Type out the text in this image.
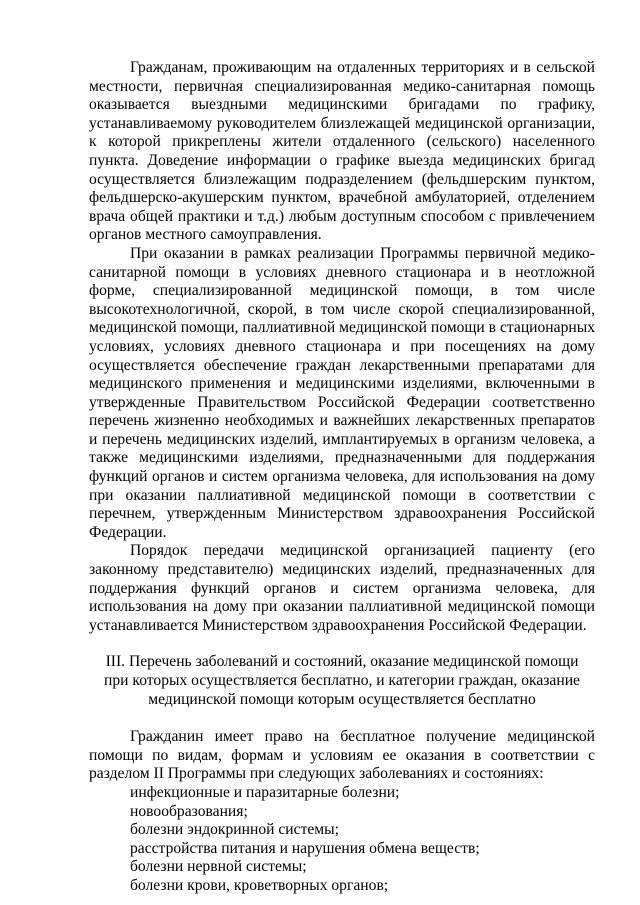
Гражданам, проживающим на отдаленных территориях и в сельской местности, первичная специализированная медико-санитарная помощь оказывается выездными медицинскими бригадами по графику, устанавливаемому руководителем близлежащей медицинской организации, к которой прикреплены жители отдаленного (сельского) населенного пункта. Доведение информации о графике выезда медицинских бригад осуществляется близлежащим подразделением (фельдшерским пунктом, фельдшерско-акушерским пунктом, врачебной амбулаторией, отделением врача общей практики и т.д.) любым доступным способом с привлечением органов местного самоуправления.

При оказании в рамках реализации Программы первичной медико-санитарной помощи в условиях дневного стационара и в неотложной форме, специализированной медицинской помощи, в том числе высокотехнологичной, скорой, в том числе скорой специализированной, медицинской помощи, паллиативной медицинской помощи в стационарных условиях, условиях дневного стационара и при посещениях на дому осуществляется обеспечение граждан лекарственными препаратами для медицинского применения и медицинскими изделиями, включенными в утвержденные Правительством Российской Федерации соответственно перечень жизненно необходимых и важнейших лекарственных препаратов и перечень медицинских изделий, имплантируемых в организм человека, а также медицинскими изделиями, предназначенными для поддержания функций органов и систем организма человека, для использования на дому при оказании паллиативной медицинской помощи в соответствии с перечнем, утвержденным Министерством здравоохранения Российской Федерации.

Порядок передачи медицинской организацией пациенту (его законному представителю) медицинских изделий, предназначенных для поддержания функций органов и систем организма человека, для использования на дому при оказании паллиативной медицинской помощи устанавливается Министерством здравоохранения Российской Федерации.

III. Перечень заболеваний и состояний, оказание медицинской помощи при которых осуществляется бесплатно, и категории граждан, оказание медицинской помощи которым осуществляется бесплатно

Гражданин имеет право на бесплатное получение медицинской помощи по видам, формам и условиям ее оказания в соответствии с разделом II Программы при следующих заболеваниях и состояниях:

инфекционные и паразитарные болезни;
новообразования;
болезни эндокринной системы;
расстройства питания и нарушения обмена веществ;
болезни нервной системы;
болезни крови, кроветворных органов;
